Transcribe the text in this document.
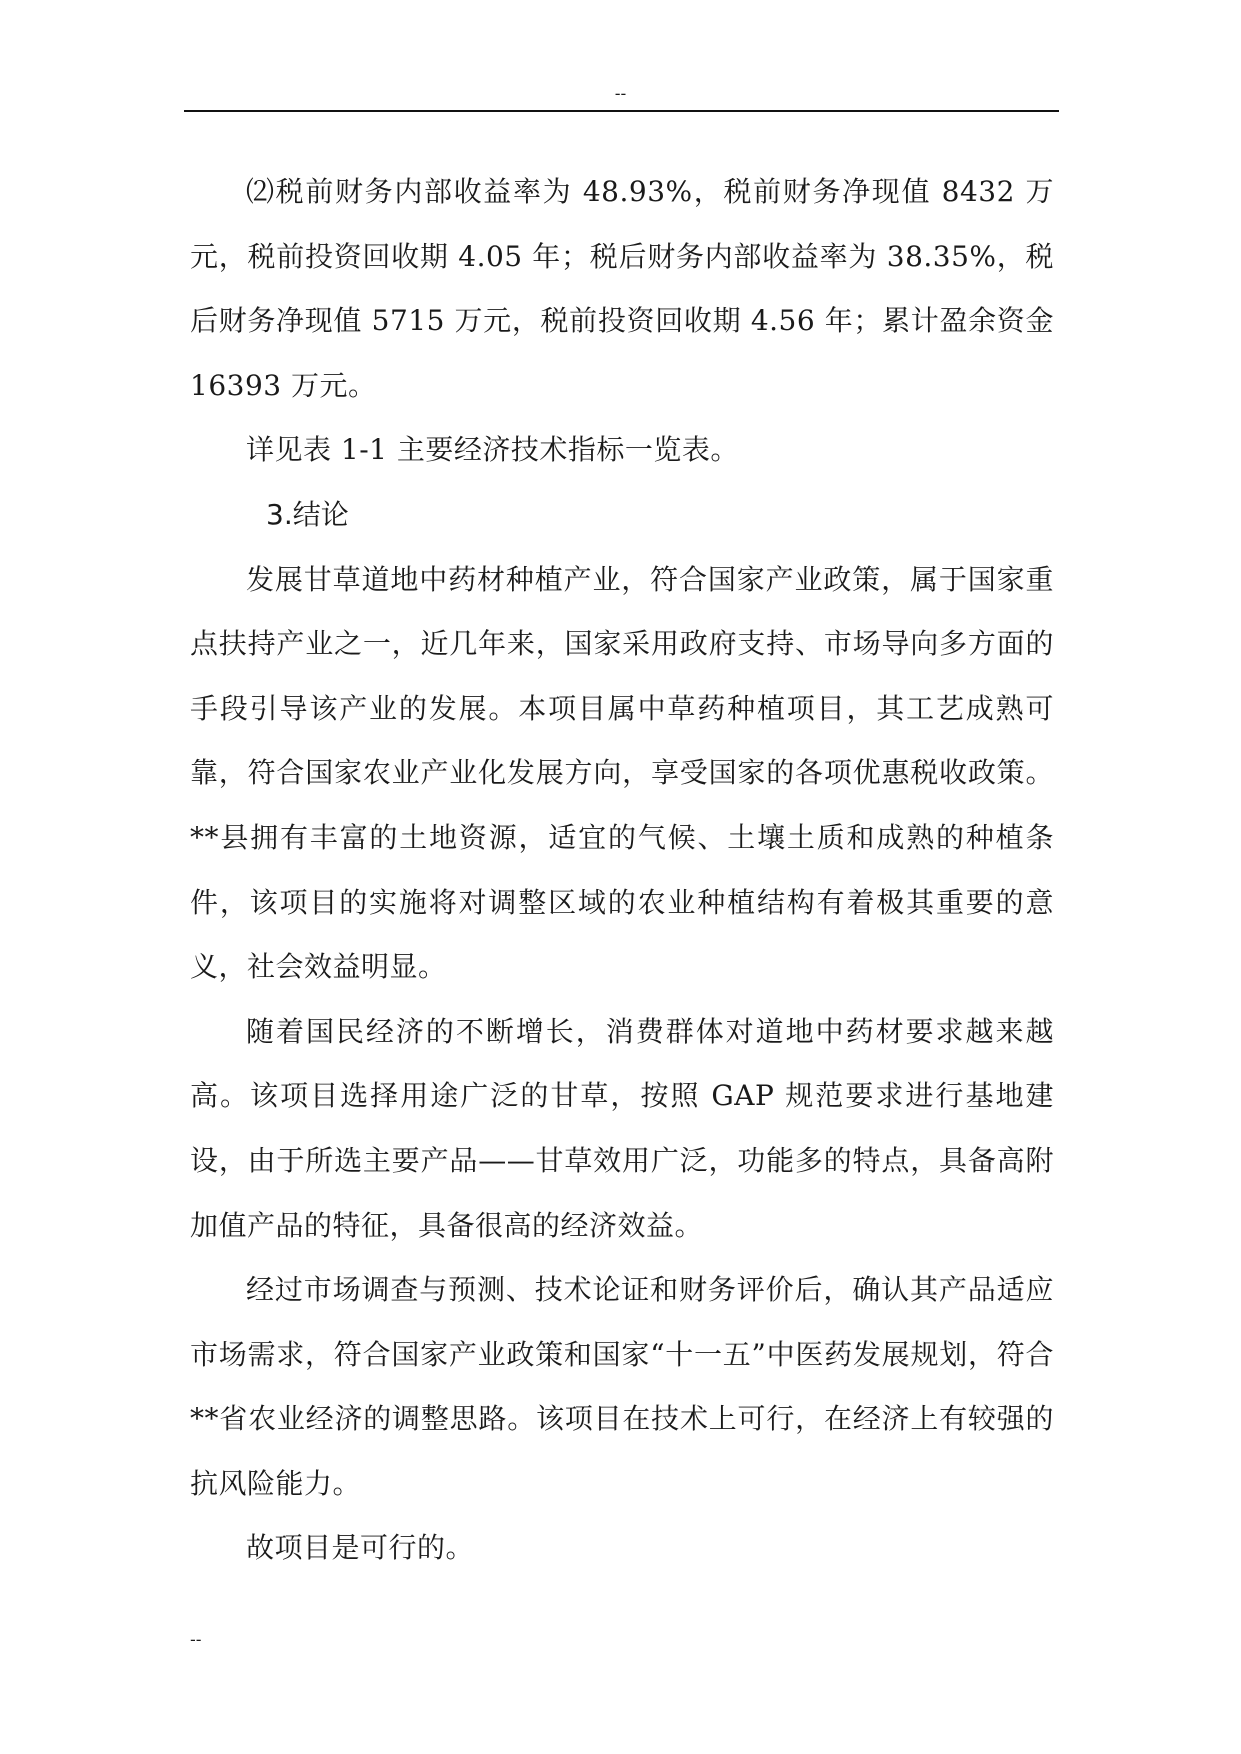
--

⑵税前财务内部收益率为 48.93%，税前财务净现值 8432 万元，税前投资回收期 4.05 年；税后财务内部收益率为 38.35%，税后财务净现值 5715 万元，税前投资回收期 4.56 年；累计盈余资金 16393 万元。

详见表 1-1 主要经济技术指标一览表。

3.结论

发展甘草道地中药材种植产业，符合国家产业政策，属于国家重点扶持产业之一，近几年来，国家采用政府支持、市场导向多方面的手段引导该产业的发展。本项目属中草药种植项目，其工艺成熟可靠，符合国家农业产业化发展方向，享受国家的各项优惠税收政策。**县拥有丰富的土地资源，适宜的气候、土壤土质和成熟的种植条件，该项目的实施将对调整区域的农业种植结构有着极其重要的意义，社会效益明显。

随着国民经济的不断增长，消费群体对道地中药材要求越来越高。该项目选择用途广泛的甘草，按照 GAP 规范要求进行基地建设，由于所选主要产品——甘草效用广泛，功能多的特点，具备高附加值产品的特征，具备很高的经济效益。

经过市场调查与预测、技术论证和财务评价后，确认其产品适应市场需求，符合国家产业政策和国家“十一五”中医药发展规划，符合**省农业经济的调整思路。该项目在技术上可行，在经济上有较强的抗风险能力。

故项目是可行的。

--
